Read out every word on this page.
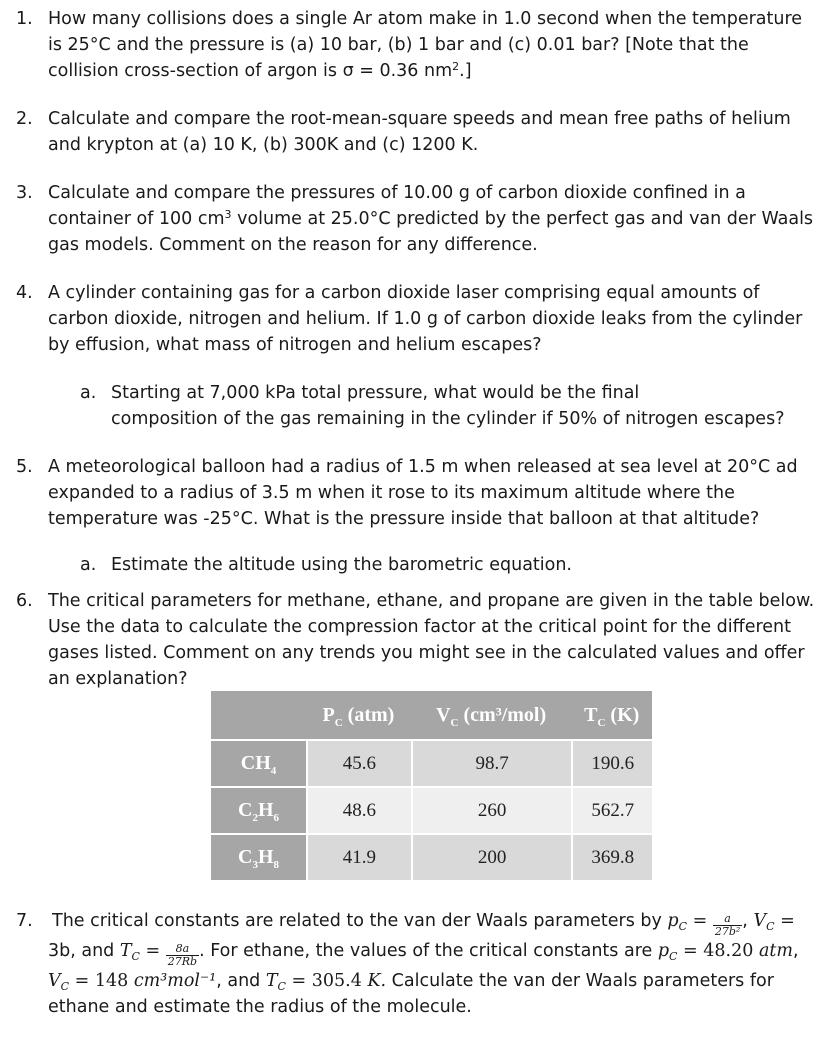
1. How many collisions does a single Ar atom make in 1.0 second when the temperature is 25°C and the pressure is (a) 10 bar, (b) 1 bar and (c) 0.01 bar? [Note that the collision cross-section of argon is σ = 0.36 $nm^2$.]
2. Calculate and compare the root-mean-square speeds and mean free paths of helium and krypton at (a) 10 K, (b) 300K and (c) 1200 K.
3. Calculate and compare the pressures of 10.00 g of carbon dioxide confined in a container of 100 $cm^3$ volume at 25.0°C predicted by the perfect gas and van der Waals gas models. Comment on the reason for any difference.
4. A cylinder containing gas for a carbon dioxide laser comprising equal amounts of carbon dioxide, nitrogen and helium. If 1.0 g of carbon dioxide leaks from the cylinder by effusion, what mass of nitrogen and helium escapes?
a. Starting at 7,000 kPa total pressure, what would be the final
composition of the gas remaining in the cylinder if 50% of nitrogen escapes?
5. A meteorological balloon had a radius of 1.5 m when released at sea level at 20°C ad expanded to a radius of 3.5 m when it rose to its maximum altitude where the temperature was -25°C. What is the pressure inside that balloon at that altitude?
a. Estimate the altitude using the barometric equation.
6. The critical parameters for methane, ethane, and propane are given in the table below. Use the data to calculate the compression factor at the critical point for the different gases listed. Comment on any trends you might see in the calculated values and offer an explanation?
	$P_C$ (atm)	$V_C$ (cm³/mol)	$T_C$ (K)
$CH_4$	45.6	98.7	190.6
$C_2H_6$	48.6	260	562.7
$C_3H_8$	41.9	200	369.8
7. The critical constants are related to the van der Waals parameters by $p_C = \frac{a}{\text{27b²}}$ , $V_C$ =
3b, and $T_C = \frac{8a}{27Rb}$ . For ethane, the values of the critical constants are $p_C = 48.20$ atm,
$V_C = 148$ cm³mol⁻¹, and $T_C = 305.4$ K. Calculate the van der Waals parameters for ethane and estimate the radius of the molecule.
